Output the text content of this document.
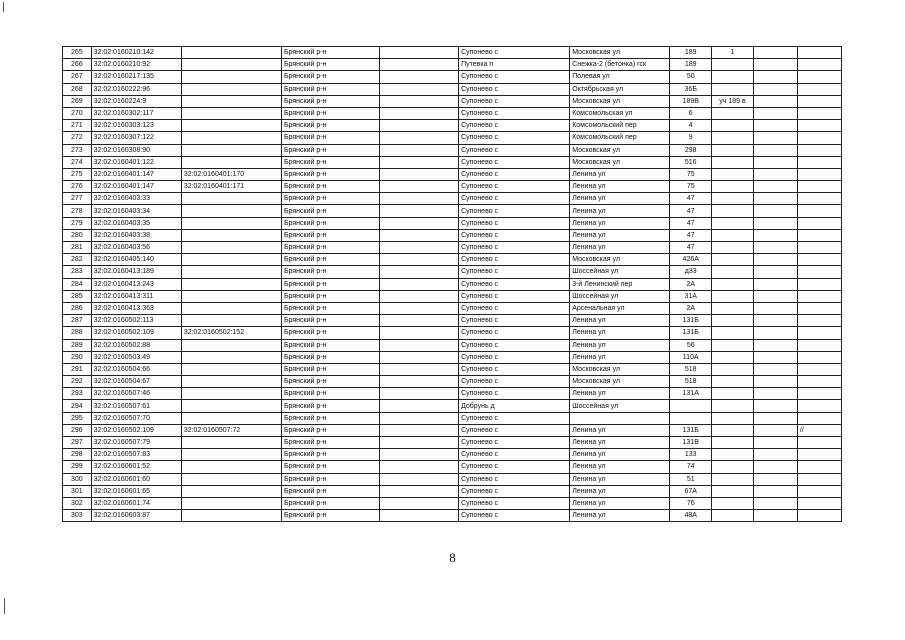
265	32:02:0160210:142		Брянский р-н		Супонево с	Московская ул	189	1		
266	32:02:0160210:92		Брянский р-н		Путевка п	Снежка-2 (бетонка) гск	189			
267	32:02:0160217:135		Брянский р-н		Супонево с	Полевая ул	50			
268	32:02:0160222:96		Брянский р-н		Супонево с	Октябрьская ул	36Б			
269	32:02:0160224:9		Брянский р-н		Супонево с	Московская ул	189В	уч 189 в		
270	32:02:0160302:117		Брянский р-н		Супонево с	Комсомольская ул	6			
271	32:02:0160303:123		Брянский р-н		Супонево с	Комсомольский пер	4			
272	32:02:0160307:122		Брянский р-н		Супонево с	Комсомольский пер	9			
273	32:02:0160308:90		Брянский р-н		Супонево с	Московская ул	298			
274	32:02:0160401:122		Брянский р-н		Супонево с	Московская ул	516			
275	32:02:0160401:147	32:02:0160401:170	Брянский р-н		Супонево с	Ленина ул	75			
276	32:02:0160401:147	32:02:0160401:171	Брянский р-н		Супонево с	Ленина ул	75			
277	32:02:0160403:33		Брянский р-н		Супонево с	Ленина ул	47			
278	32:02:0160403:34		Брянский р-н		Супонево с	Ленина ул	47			
279	32:02:0160403:35		Брянский р-н		Супонево с	Ленина ул	47			
280	32:02:0160403:38		Брянский р-н		Супонево с	Ленина ул	47			
281	32:02:0160403:56		Брянский р-н		Супонево с	Ленина ул	47			
282	32:02:0160405:140		Брянский р-н		Супонево с	Московская ул	426А			
283	32:02:0160413:189		Брянский р-н		Супонево с	Шоссейная ул	д33			
284	32:02:0160413:243		Брянский р-н		Супонево с	3-й Ленинский пер	2А			
285	32:02:0160413:311		Брянский р-н		Супонево с	Шоссейная ул	31А			
286	32:02:0160413:363		Брянский р-н		Супонево с	Арсенальная ул	2А			
287	32:02:0160502:113		Брянский р-н		Супонево с	Ленина ул	131Б			
288	32:02:0160502:109	32:02:0160502:152	Брянский р-н		Супонево с	Ленина ул	131Б			
289	32:02:0160502:88		Брянский р-н		Супонево с	Ленина ул	56			
290	32:02:0160503:49		Брянский р-н		Супонево с	Ленина ул	110А			
291	32:02:0160504:66		Брянский р-н		Супонево с	Московская ул	518			
292	32:02:0160504:67		Брянский р-н		Супонево с	Московская ул	518			
293	32:02:0160507:46		Брянский р-н		Супонево с	Ленина ул	131А			
294	32:02:0160507:61		Брянский р-н		Добрунь д	Шоссейная ул				
295	32:02:0160507:70		Брянский р-н		Супонево с					
296	32:02:0160502:109	32:02:0160507:72	Брянский р-н		Супонево с	Ленина ул	131Б			//
297	32:02:0160507:79		Брянский р-н		Супонево с	Ленина ул	131В			
298	32:02:0160507:83		Брянский р-н		Супонево с	Ленина ул	133			
299	32:02:0160601:52		Брянский р-н		Супонево с	Ленина ул	74			
300	32:02:0160601:60		Брянский р-н		Супонево с	Ленина ул	51			
301	32:02:0160601:65		Брянский р-н		Супонево с	Ленина ул	67А			
302	32:02:0160601:74		Брянский р-н		Супонево с	Ленина ул	76			
303	32:02:0160603:87		Брянский р-н		Супонево с	Ленина ул	48А			
8
